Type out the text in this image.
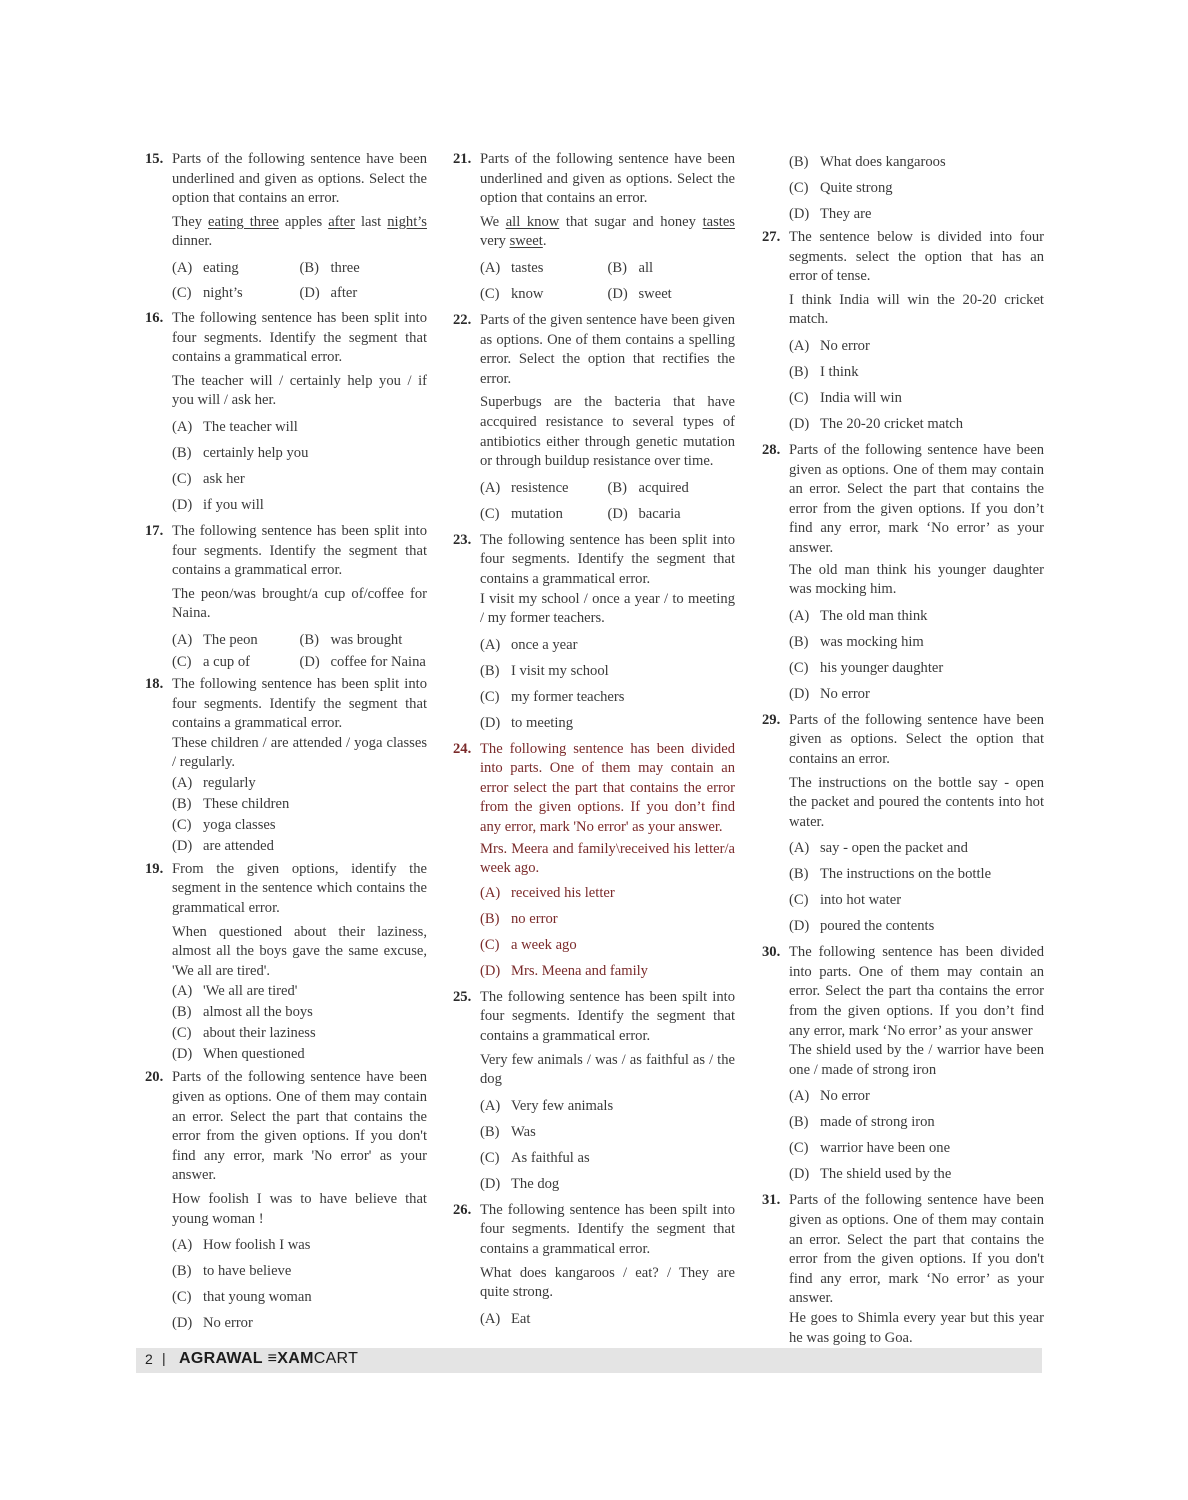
15. Parts of the following sentence have been underlined and given as options. Select the option that contains an error.
They eating three apples after last night’s dinner.
(A) eating	(B) three
(C) night’s	(D) after
16. The following sentence has been split into four segments. Identify the segment that contains a grammatical error.
The teacher will / certainly help you / if you will / ask her.
(A) The teacher will
(B) certainly help you
(C) ask her
(D) if you will
17. The following sentence has been split into four segments. Identify the segment that contains a grammatical error.
The peon/was brought/a cup of/coffee for Naina.
(A) The peon	(B) was brought
(C) a cup of	(D) coffee for Naina
18. The following sentence has been split into four segments. Identify the segment that contains a grammatical error.
These children / are attended / yoga classes / regularly.
(A) regularly
(B) These children
(C) yoga classes
(D) are attended
19. From the given options, identify the segment in the sentence which contains the grammatical error.
When questioned about their laziness, almost all the boys gave the same excuse, 'We all are tired'.
(A) 'We all are tired'
(B) almost all the boys
(C) about their laziness
(D) When questioned
20. Parts of the following sentence have been given as options. One of them may contain an error. Select the part that contains the error from the given options. If you don't find any error, mark 'No error' as your answer.
How foolish I was to have believe that young woman !
(A) How foolish I was
(B) to have believe
(C) that young woman
(D) No error
21. Parts of the following sentence have been underlined and given as options. Select the option that contains an error.
We all know that sugar and honey tastes very sweet.
(A) tastes	(B) all
(C) know	(D) sweet
22. Parts of the given sentence have been given as options. One of them contains a spelling error. Select the option that rectifies the error.
Superbugs are the bacteria that have accquired resistance to several types of antibiotics either through genetic mutation or through buildup resistance over time.
(A) resistence	(B) acquired
(C) mutation	(D) bacaria
23. The following sentence has been split into four segments. Identify the segment that contains a grammatical error.
I visit my school / once a year / to meeting / my former teachers.
(A) once a year
(B) I visit my school
(C) my former teachers
(D) to meeting
24. The following sentence has been divided into parts. One of them may contain an error select the part that contains the error from the given options. If you don’t find any error, mark 'No error' as your answer.
Mrs. Meera and family\received his letter/a week ago.
(A) received his letter
(B) no error
(C) a week ago
(D) Mrs. Meena and family
25. The following sentence has been spilt into four segments. Identify the segment that contains a grammatical error.
Very few animals / was / as faithful as / the dog
(A) Very few animals
(B) Was
(C) As faithful as
(D) The dog
26. The following sentence has been spilt into four segments. Identify the segment that contains a grammatical error.
What does kangaroos / eat? / They are quite strong.
(A) Eat
(B) What does kangaroos
(C) Quite strong
(D) They are
27. The sentence below is divided into four segments. select the option that has an error of tense.
I think India will win the 20-20 cricket match.
(A) No error
(B) I think
(C) India will win
(D) The 20-20 cricket match
28. Parts of the following sentence have been given as options. One of them may contain an error. Select the part that contains the error from the given options. If you don’t find any error, mark ‘No error’ as your answer.
The old man think his younger daughter was mocking him.
(A) The old man think
(B) was mocking him
(C) his younger daughter
(D) No error
29. Parts of the following sentence have been given as options. Select the option that contains an error.
The instructions on the bottle say - open the packet and poured the contents into hot water.
(A) say - open the packet and
(B) The instructions on the bottle
(C) into hot water
(D) poured the contents
30. The following sentence has been divided into parts. One of them may contain an error. Select the part tha contains the error from the given options. If you don’t find any error, mark ‘No error’ as your answer
The shield used by the / warrior have been one / made of strong iron
(A) No error
(B) made of strong iron
(C) warrior have been one
(D) The shield used by the
31. Parts of the following sentence have been given as options. One of them may contain an error. Select the part that contains the error from the given options. If you don't find any error, mark ‘No error’ as your answer.
He goes to Shimla every year but this year he was going to Goa.
2 | AGRAWAL ≡XAMCART
